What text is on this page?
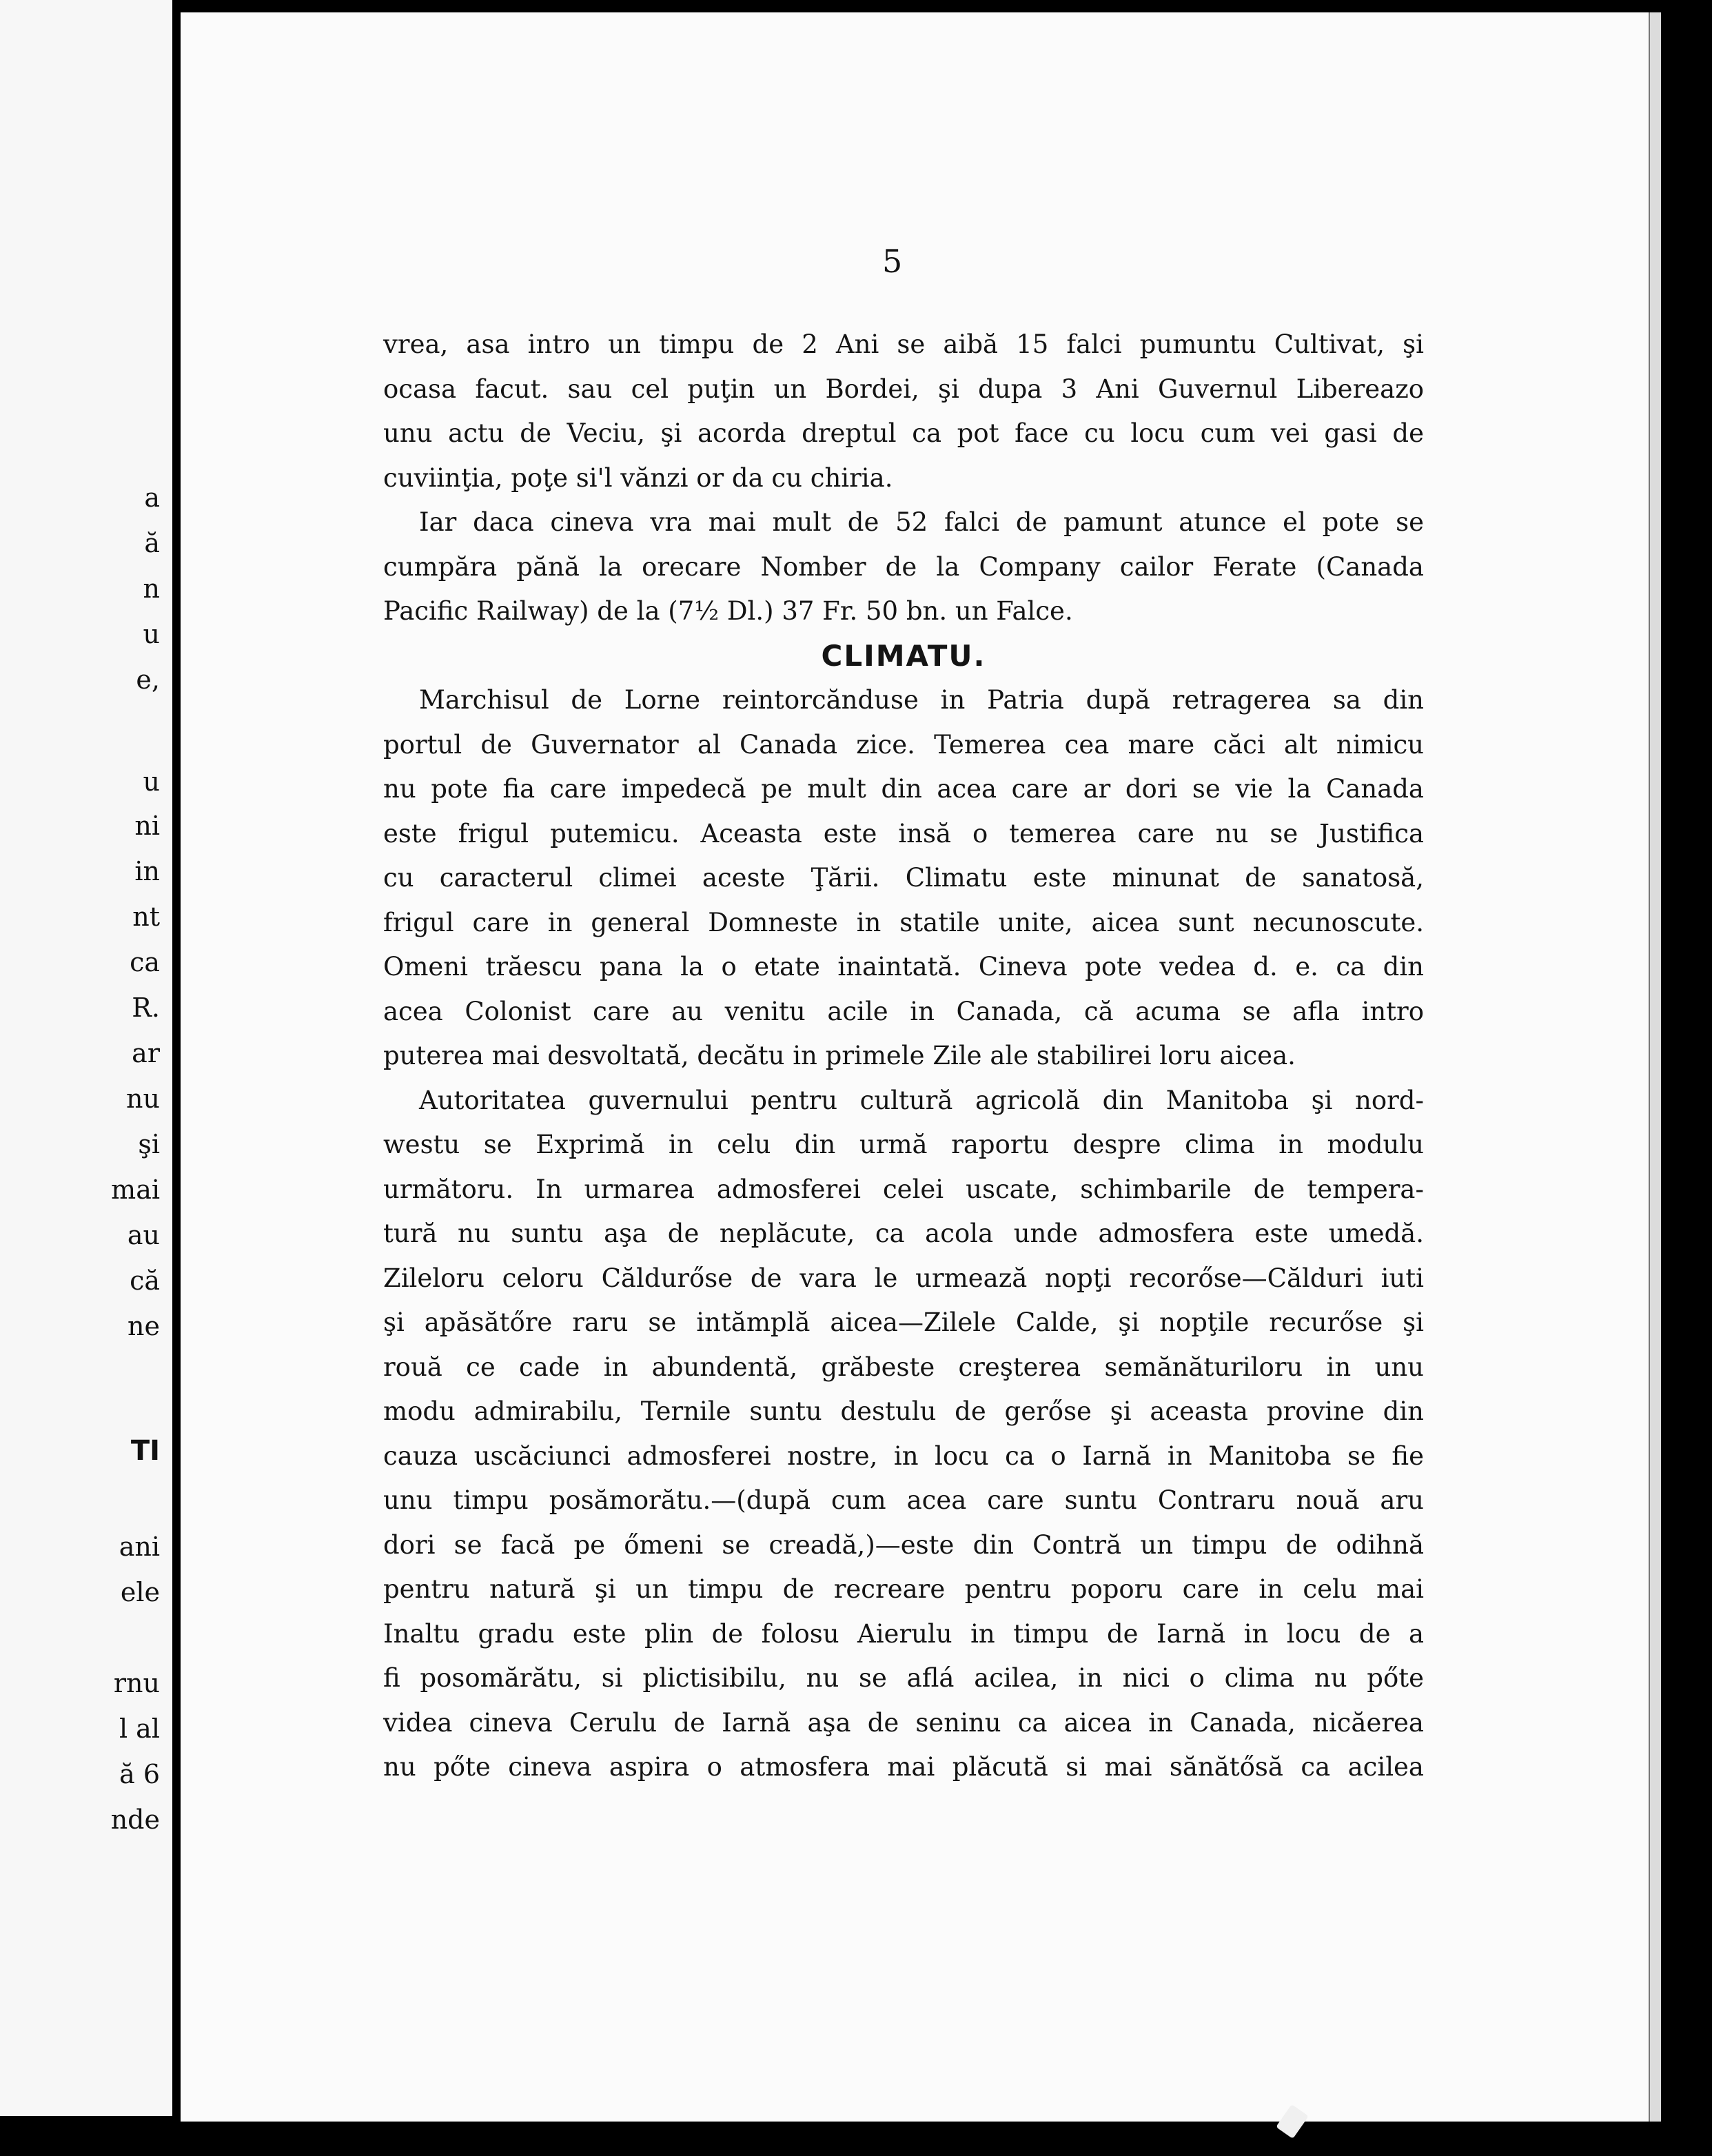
a
ă
n
u
e,
u
ni
in
nt
ca
R.
ar
nu
şi
mai
au
că
ne
TI
ani
ele
rnu
l al
ă 6
nde
5
vrea, asa intro un timpu de 2 Ani se aibă 15 falci pumuntu Cultivat, şi
ocasa facut. sau cel puţin un Bordei, şi dupa 3 Ani Guvernul Libereazo
unu actu de Veciu, şi acorda dreptul ca pot face cu locu cum vei gasi de
cuviinţia, poţe si'l vănzi or da cu chiria.
Iar daca cineva vra mai mult de 52 falci de pamunt atunce el pote se
cumpăra pănă la orecare Nomber de la Company cailor Ferate (Canada
Pacific Railway) de la (7½ Dl.) 37 Fr. 50 bn. un Falce.
CLIMATU.
Marchisul de Lorne reintorcănduse in Patria după retragerea sa din
portul de Guvernator al Canada zice. Temerea cea mare căci alt nimicu
nu pote fia care impedecă pe mult din acea care ar dori se vie la Canada
este frigul putemicu. Aceasta este insă o temerea care nu se Justifica
cu caracterul climei aceste Ţării. Climatu este minunat de sanatosă,
frigul care in general Domneste in statile unite, aicea sunt necunoscute.
Omeni trăescu pana la o etate inaintată. Cineva pote vedea d. e. ca din
acea Colonist care au venitu acile in Canada, că acuma se afla intro
puterea mai desvoltată, decătu in primele Zile ale stabilirei loru aicea.
Autoritatea guvernului pentru cultură agricolă din Manitoba şi nord-
westu se Exprimă in celu din urmă raportu despre clima in modulu
următoru. In urmarea admosferei celei uscate, schimbarile de tempera-
tură nu suntu aşa de neplăcute, ca acola unde admosfera este umedă.
Zileloru celoru Căldurőse de vara le urmează nopţi recorőse—Călduri iuti
şi apăsătőre raru se intămplă aicea—Zilele Calde, şi nopţile recurőse şi
rouă ce cade in abundentă, grăbeste creşterea semănăturiloru in unu
modu admirabilu, Ternile suntu destulu de gerőse şi aceasta provine din
cauza uscăciunci admosferei nostre, in locu ca o Iarnă in Manitoba se fie
unu timpu posămorătu.—(după cum acea care suntu Contraru nouă aru
dori se facă pe őmeni se creadă,)—este din Contră un timpu de odihnă
pentru natură şi un timpu de recreare pentru poporu care in celu mai
Inaltu gradu este plin de folosu Aierulu in timpu de Iarnă in locu de a
fi posomărătu, si plictisibilu, nu se aflá acilea, in nici o clima nu pőte
videa cineva Cerulu de Iarnă aşa de seninu ca aicea in Canada, nicăerea
nu pőte cineva aspira o atmosfera mai plăcută si mai sănătősă ca acilea
